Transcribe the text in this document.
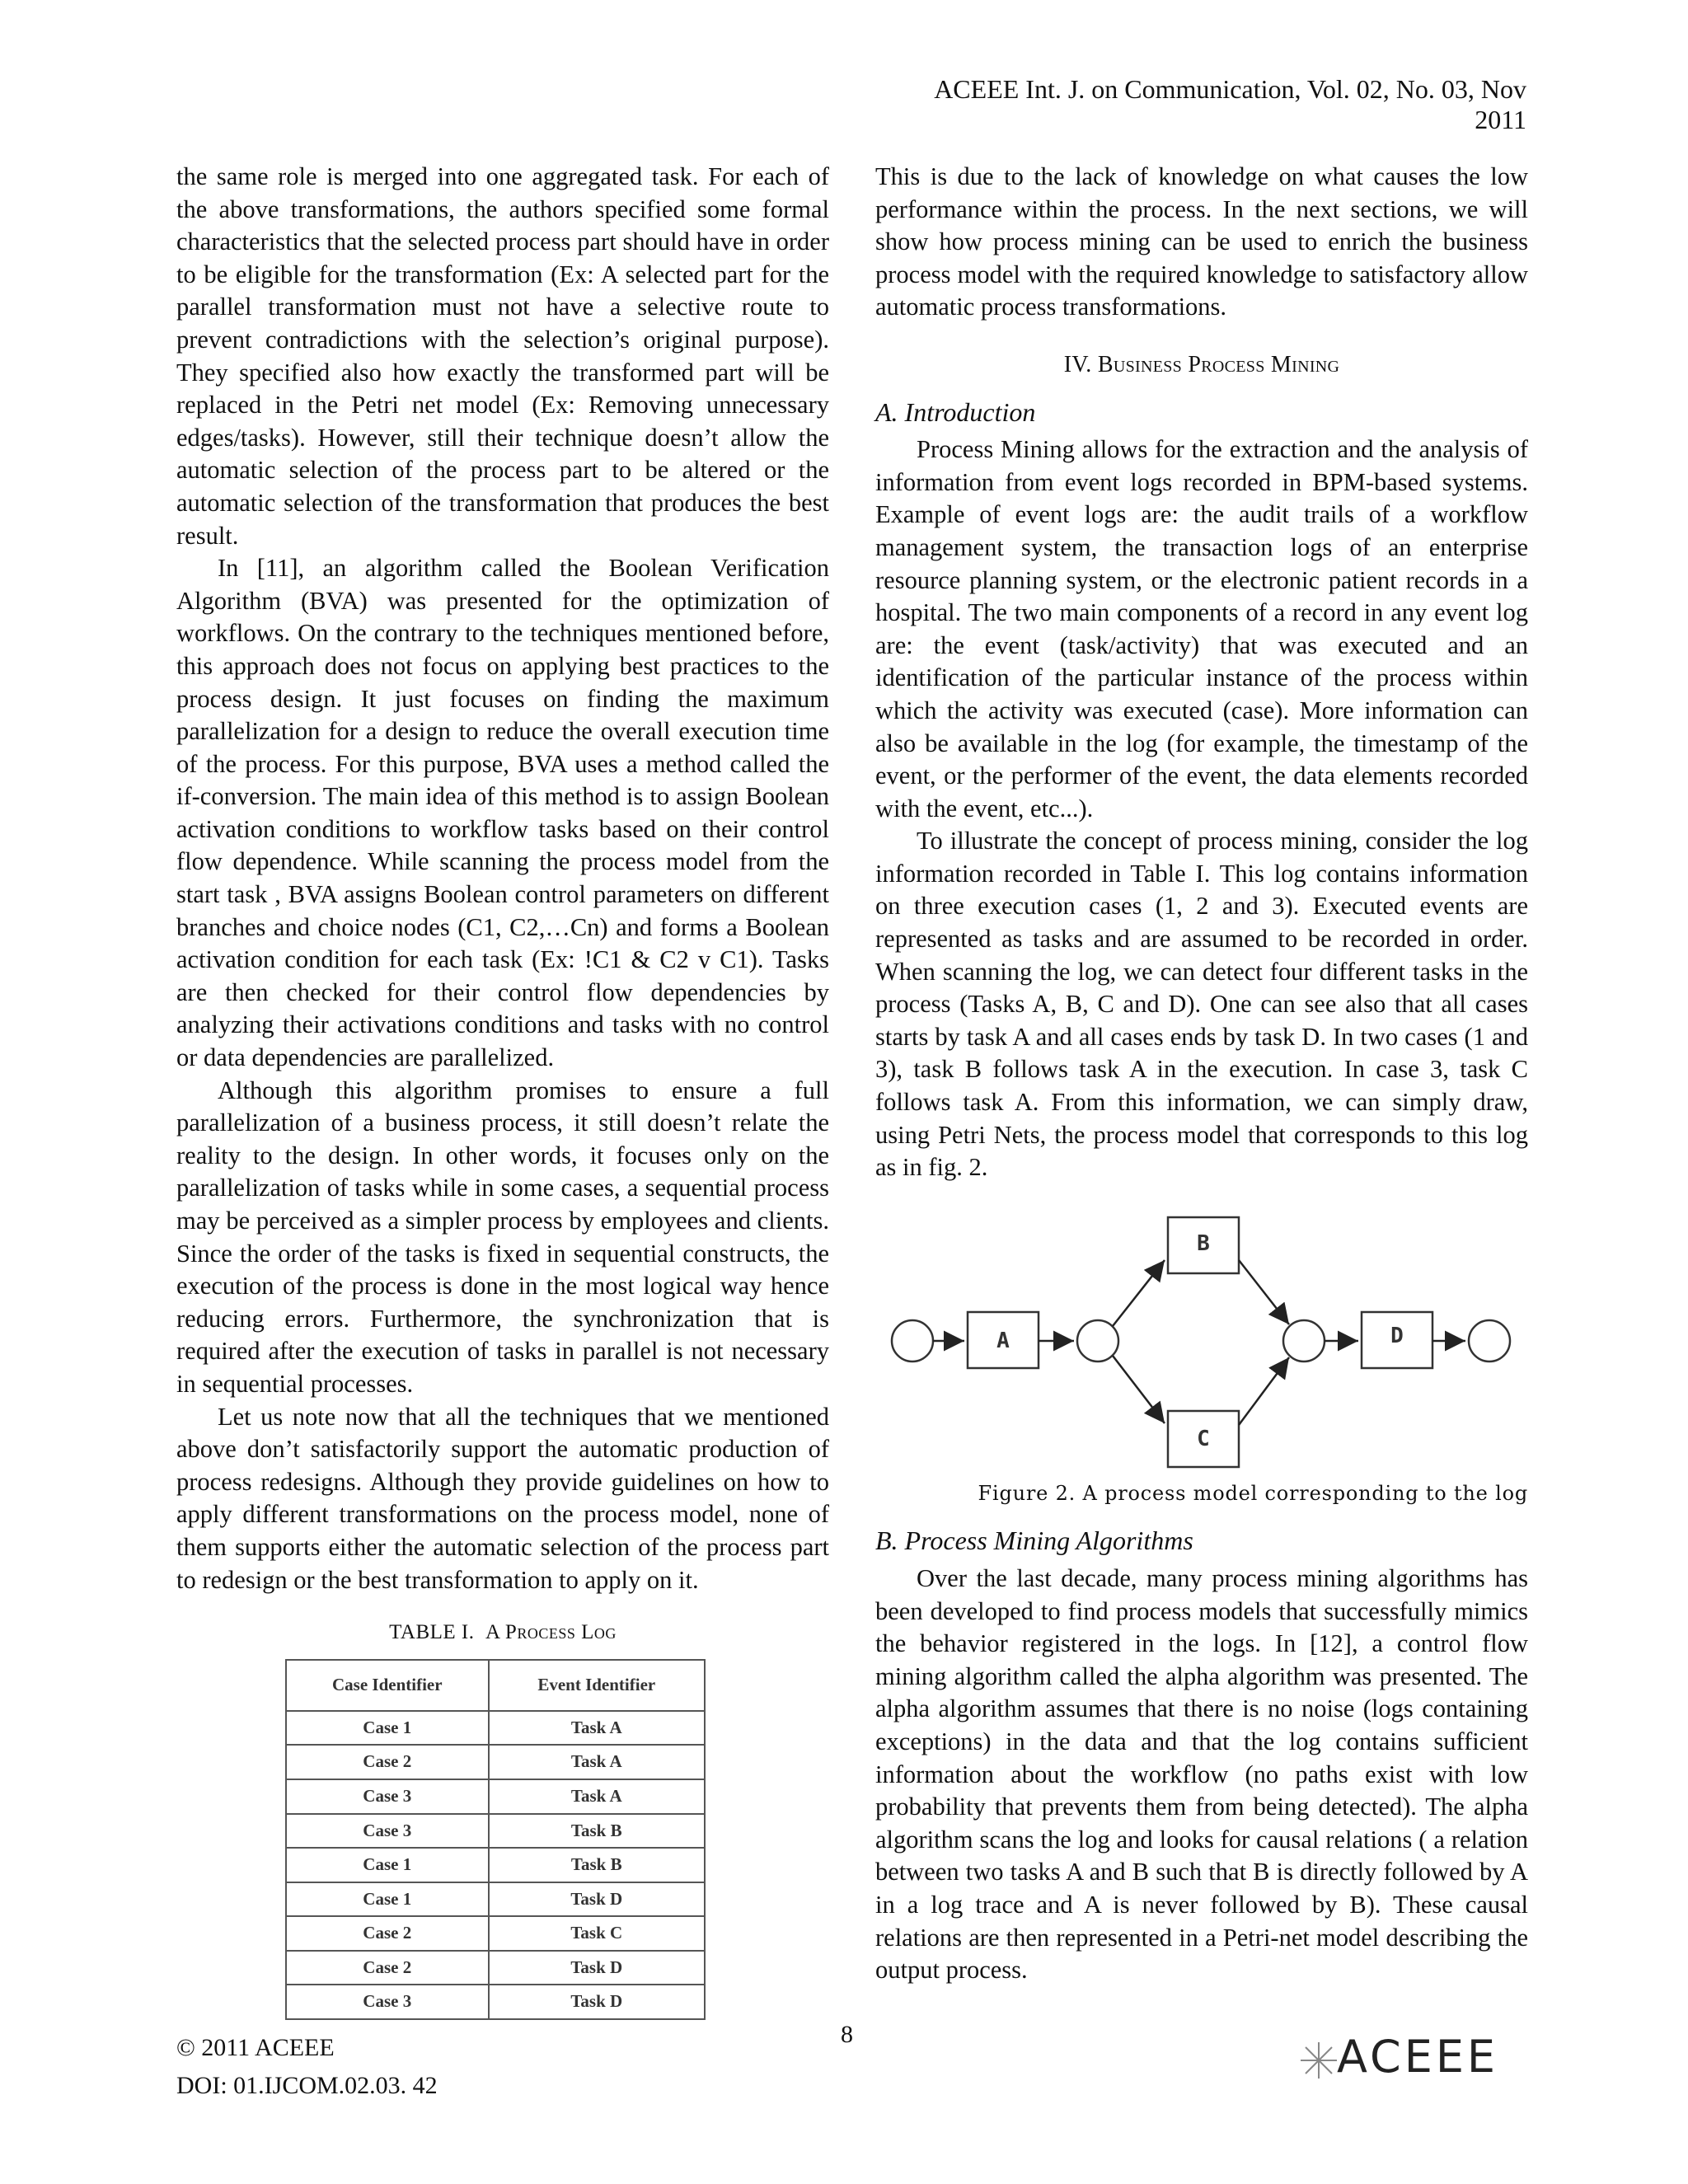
ACEEE Int. J. on Communication, Vol. 02, No. 03, Nov 2011

the same role is merged into one aggregated task. For each of the above transformations, the authors specified some formal characteristics that the selected process part should have in order to be eligible for the transformation (Ex: A selected part for the parallel transformation must not have a selective route to prevent contradictions with the selection’s original purpose). They specified also how exactly the transformed part will be replaced in the Petri net model (Ex: Removing unnecessary edges/tasks). However, still their technique doesn’t allow the automatic selection of the process part to be altered or the automatic selection of the transformation that produces the best result.

In [11], an algorithm called the Boolean Verification Algorithm (BVA) was presented for the optimization of workflows. On the contrary to the techniques mentioned before, this approach does not focus on applying best practices to the process design. It just focuses on finding the maximum parallelization for a design to reduce the overall execution time of the process. For this purpose, BVA uses a method called the if-conversion. The main idea of this method is to assign Boolean activation conditions to workflow tasks based on their control flow dependence. While scanning the process model from the start task , BVA assigns Boolean control parameters on different branches and choice nodes (C1, C2,…Cn) and forms a Boolean activation condition for each task (Ex: !C1 & C2 v C1). Tasks are then checked for their control flow dependencies by analyzing their activations conditions and tasks with no control or data dependencies are parallelized.

Although this algorithm promises to ensure a full parallelization of a business process, it still doesn’t relate the reality to the design. In other words, it focuses only on the parallelization of tasks while in some cases, a sequential process may be perceived as a simpler process by employees and clients. Since the order of the tasks is fixed in sequential constructs, the execution of the process is done in the most logical way hence reducing errors. Furthermore, the synchronization that is required after the execution of tasks in parallel is not necessary in sequential processes.

Let us note now that all the techniques that we mentioned above don’t satisfactorily support the automatic production of process redesigns. Although they provide guidelines on how to apply different transformations on the process model, none of them supports either the automatic selection of the process part to redesign or the best transformation to apply on it.

TABLE I. A Process Log
Case Identifier	Event Identifier
Case 1	Task A
Case 2	Task A
Case 3	Task A
Case 3	Task B
Case 1	Task B
Case 1	Task D
Case 2	Task C
Case 2	Task D
Case 3	Task D

This is due to the lack of knowledge on what causes the low performance within the process. In the next sections, we will show how process mining can be used to enrich the business process model with the required knowledge to satisfactory allow automatic process transformations.

IV. Business Process Mining
A. Introduction

Process Mining allows for the extraction and the analysis of information from event logs recorded in BPM-based systems. Example of event logs are: the audit trails of a workflow management system, the transaction logs of an enterprise resource planning system, or the electronic patient records in a hospital. The two main components of a record in any event log are: the event (task/activity) that was executed and an identification of the particular instance of the process within which the activity was executed (case). More information can also be available in the log (for example, the timestamp of the event, or the performer of the event, the data elements recorded with the event, etc...).

To illustrate the concept of process mining, consider the log information recorded in Table I. This log contains information on three execution cases (1, 2 and 3). Executed events are represented as tasks and are assumed to be recorded in order. When scanning the log, we can detect four different tasks in the process (Tasks A, B, C and D). One can see also that all cases starts by task A and all cases ends by task D. In two cases (1 and 3), task B follows task A in the execution. In case 3, task C follows task A. From this information, we can simply draw, using Petri Nets, the process model that corresponds to this log as in fig. 2.

A
B
C
D
Figure 2. A process model corresponding to the log
B. Process Mining Algorithms

Over the last decade, many process mining algorithms has been developed to find process models that successfully mimics the behavior registered in the logs. In [12], a control flow mining algorithm called the alpha algorithm was presented. The alpha algorithm assumes that there is no noise (logs containing exceptions) in the data and that the log contains sufficient information about the workflow (no paths exist with low probability that prevents them from being detected). The alpha algorithm scans the log and looks for causal relations ( a relation between two tasks A and B such that B is directly followed by A in a log trace and A is never followed by B). These causal relations are then represented in a Petri-net model describing the output process.

© 2011 ACEEE
DOI: 01.IJCOM.02.03. 42
8	ACEEE
